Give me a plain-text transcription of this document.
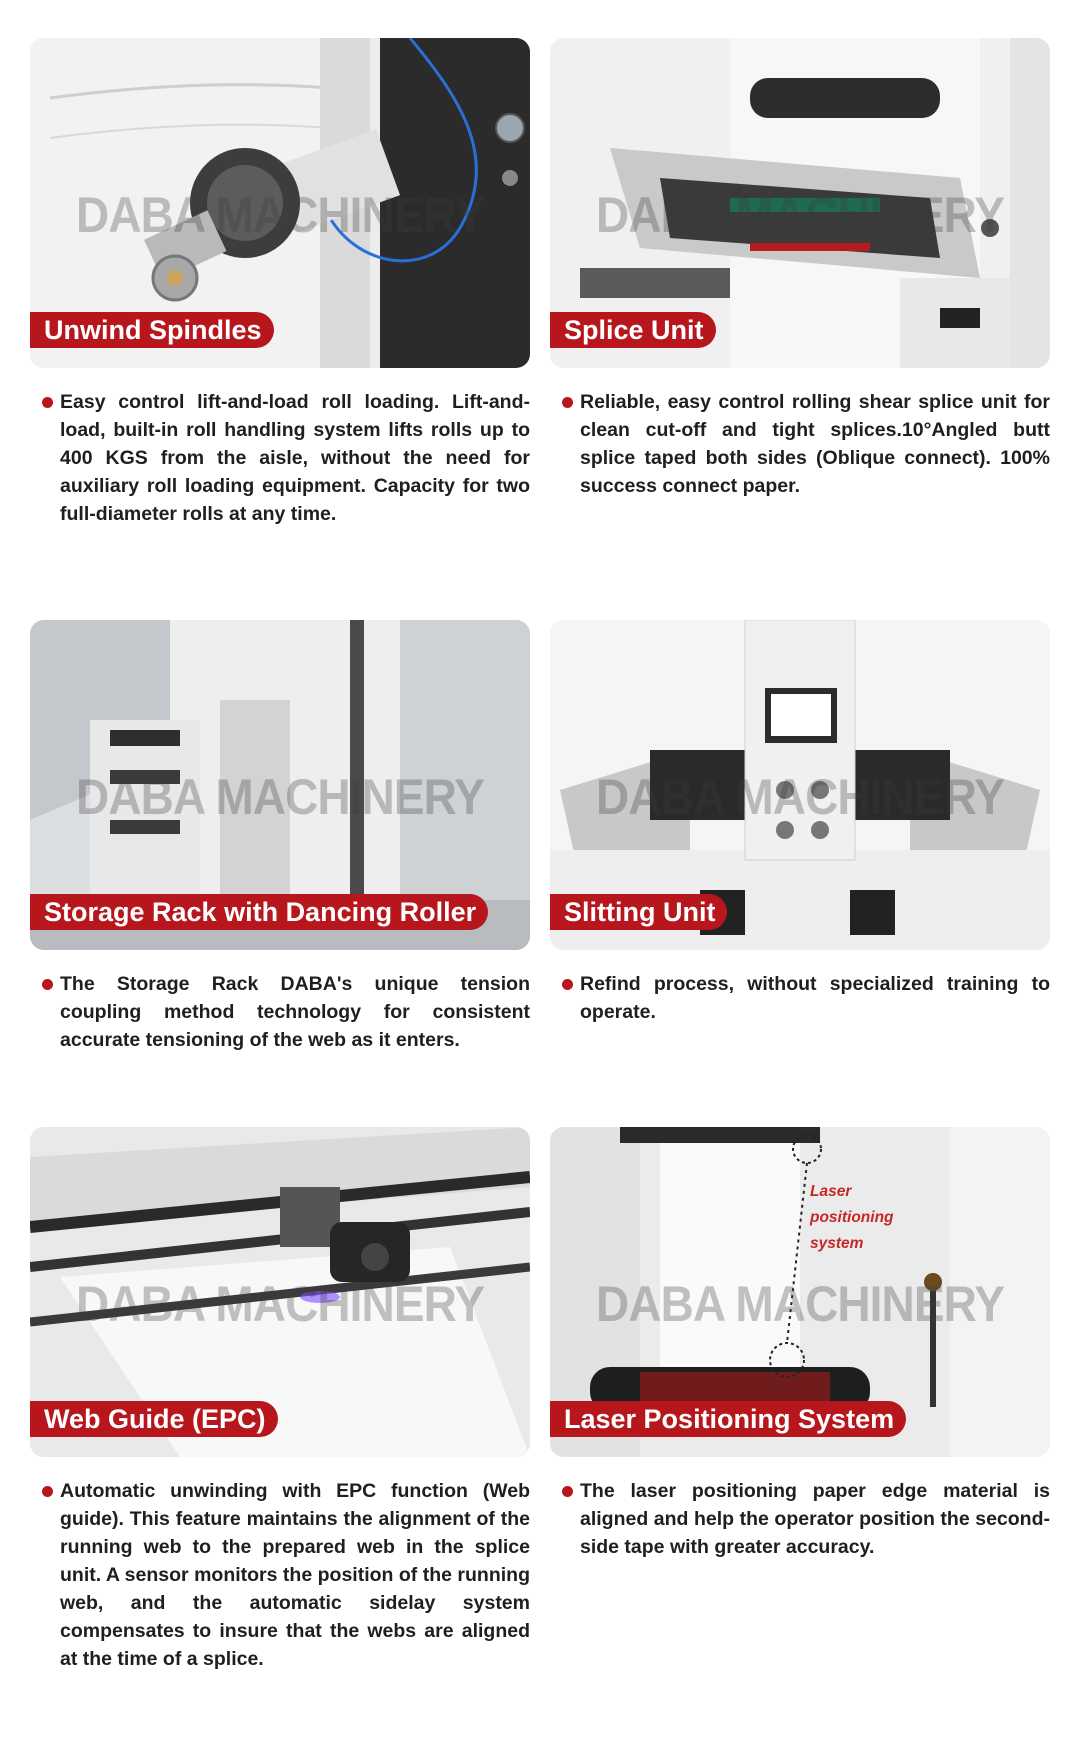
DABA MACHINERY
Unwind Spindles
Easy control lift-and-load roll loading. Lift-and-load, built-in roll handling system lifts rolls up to 400 KGS from the aisle, without the need for auxiliary roll loading equipment. Capacity for two full-diameter rolls at any time.
DABA MACHINERY
Splice Unit
Reliable, easy control rolling shear splice unit for clean cut-off and tight splices.10°Angled butt splice taped both sides (Oblique connect). 100% success connect paper.
DABA MACHINERY
Storage Rack with Dancing Roller
The Storage Rack DABA's unique tension coupling method technology for consistent accurate tensioning of the web as it enters.
DABA MACHINERY
Slitting Unit
Refind process, without specialized training to operate.
DABA MACHINERY
Web Guide (EPC)
Automatic unwinding with EPC function (Web guide). This feature maintains the alignment of the running web to the prepared web in the splice unit. A sensor monitors the position of the running web, and the automatic sidelay system compensates to insure that the webs are aligned at the time of a splice.
Laser
positioning
system
DABA MACHINERY
Laser Positioning System
The laser positioning paper edge material is aligned and help the operator position the second-side tape with greater accuracy.
